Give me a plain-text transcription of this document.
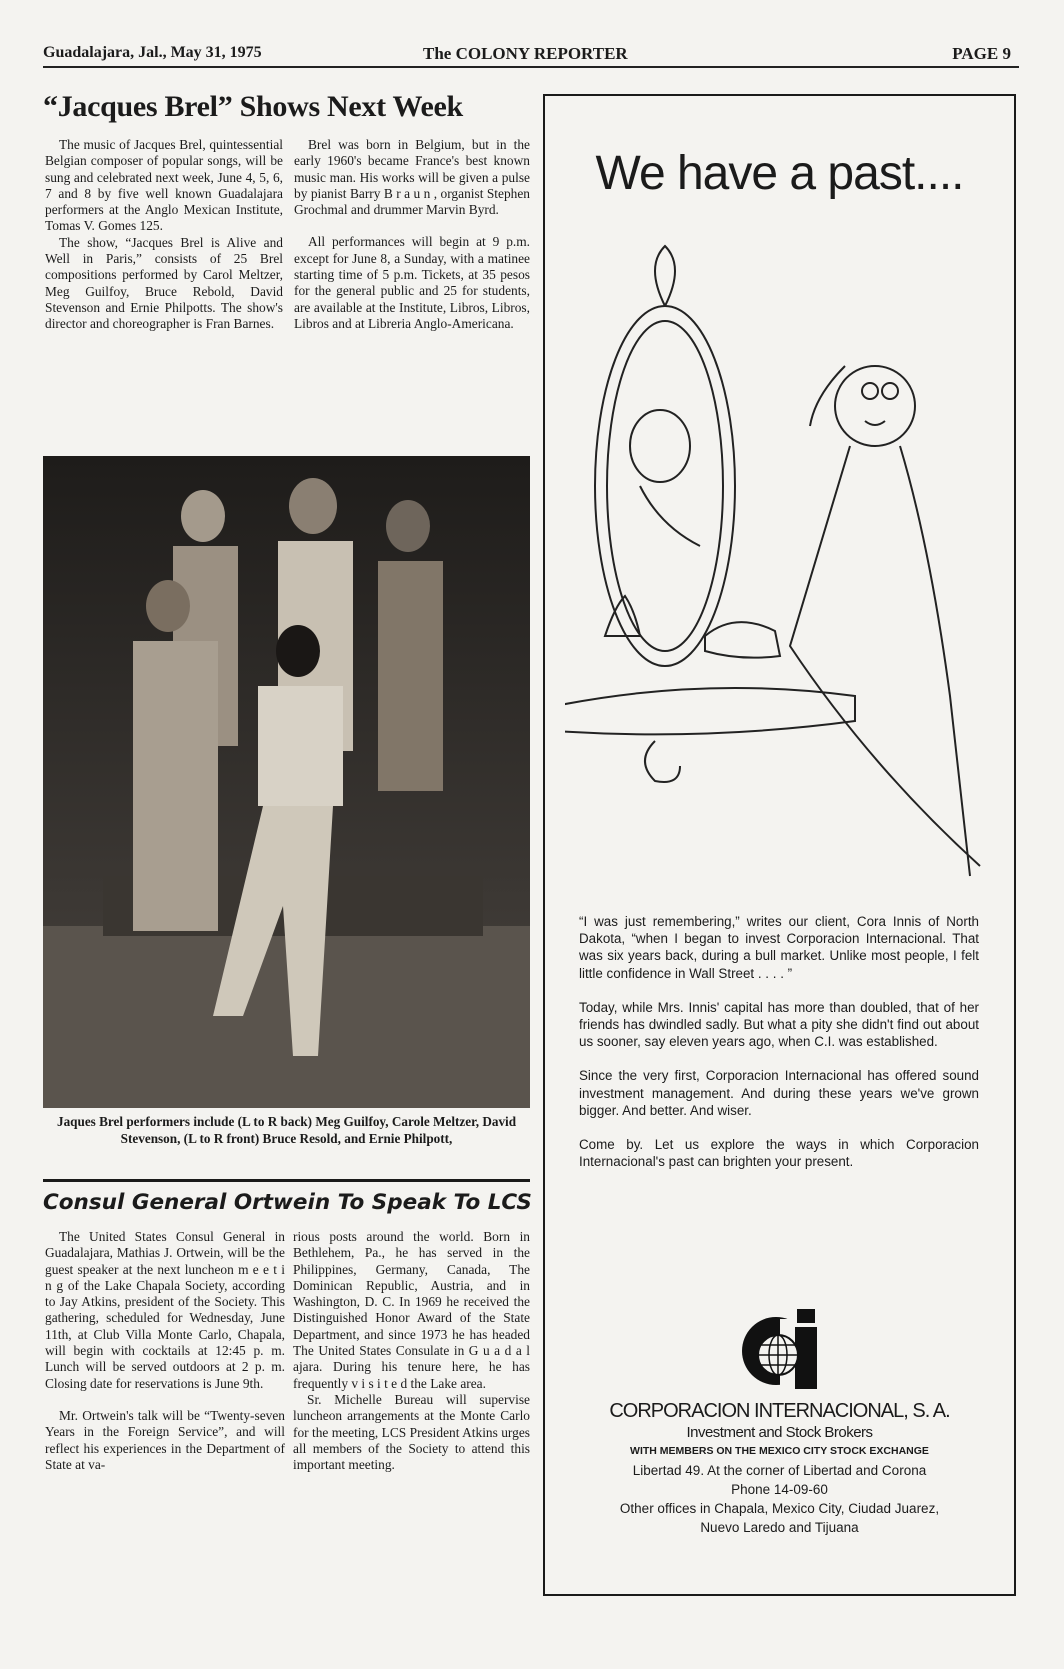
Guadalajara, Jal., May 31, 1975	The COLONY REPORTER	PAGE 9
“Jacques Brel” Shows Next Week

The music of Jacques Brel, quintessential Belgian composer of popular songs, will be sung and celebrated next week, June 4, 5, 6, 7 and 8 by five well known Guadalajara performers at the Anglo Mexican Institute, Tomas V. Gomes 125.

The show, “Jacques Brel is Alive and Well in Paris,” consists of 25 Brel compositions performed by Carol Meltzer, Meg Guilfoy, Bruce Rebold, David Stevenson and Ernie Philpotts. The show's director and choreographer is Fran Barnes.

Brel was born in Belgium, but in the early 1960's became France's best known music man. His works will be given a pulse by pianist Barry B r a u n , organist Stephen Grochmal and drummer Marvin Byrd.

All performances will begin at 9 p.m. except for June 8, a Sunday, with a matinee starting time of 5 p.m. Tickets, at 35 pesos for the general public and 25 for students, are available at the Institute, Libros, Libros, Libros and at Libreria Anglo-Americana.

Jaques Brel performers include (L to R back) Meg Guilfoy, Carole Meltzer, David Stevenson, (L to R front) Bruce Resold, and Ernie Philpott,
Consul General Ortwein To Speak To LCS

The United States Consul General in Guadalajara, Mathias J. Ortwein, will be the guest speaker at the next luncheon m e e t i n g of the Lake Chapala Society, according to Jay Atkins, president of the Society. This gathering, scheduled for Wednesday, June 11th, at Club Villa Monte Carlo, Chapala, will begin with cocktails at 12:45 p. m. Lunch will be served outdoors at 2 p. m. Closing date for reservations is June 9th.

Mr. Ortwein's talk will be “Twenty-seven Years in the Foreign Service”, and will reflect his experiences in the Department of State at va-

rious posts around the world. Born in Bethlehem, Pa., he has served in the Philippines, Germany, Canada, The Dominican Republic, Austria, and in Washington, D. C. In 1969 he received the Distinguished Honor Award of the State Department, and since 1973 he has headed The United States Consulate in G u a d a l ajara. During his tenure here, he has frequently v i s i t e d the Lake area.

Sr. Michelle Bureau will supervise luncheon arrangements at the Monte Carlo for the meeting, LCS President Atkins urges all members of the Society to attend this important meeting.

We have a past....

“I was just remembering,” writes our client, Cora Innis of North Dakota, “when I began to invest Corporacion Internacional. That was six years back, during a bull market. Unlike most people, I felt little confidence in Wall Street . . . . ”

Today, while Mrs. Innis' capital has more than doubled, that of her friends has dwindled sadly. But what a pity she didn't find out about us sooner, say eleven years ago, when C.I. was established.

Since the very first, Corporacion Internacional has offered sound investment management. And during these years we've grown bigger. And better. And wiser.

Come by. Let us explore the ways in which Corporacion Internacional's past can brighten your present.

CORPORACION INTERNACIONAL, S. A.
Investment and Stock Brokers
WITH MEMBERS ON THE MEXICO CITY STOCK EXCHANGE
Libertad 49. At the corner of Libertad and Corona
Phone 14-09-60
Other offices in Chapala, Mexico City, Ciudad Juarez,
Nuevo Laredo and Tijuana
